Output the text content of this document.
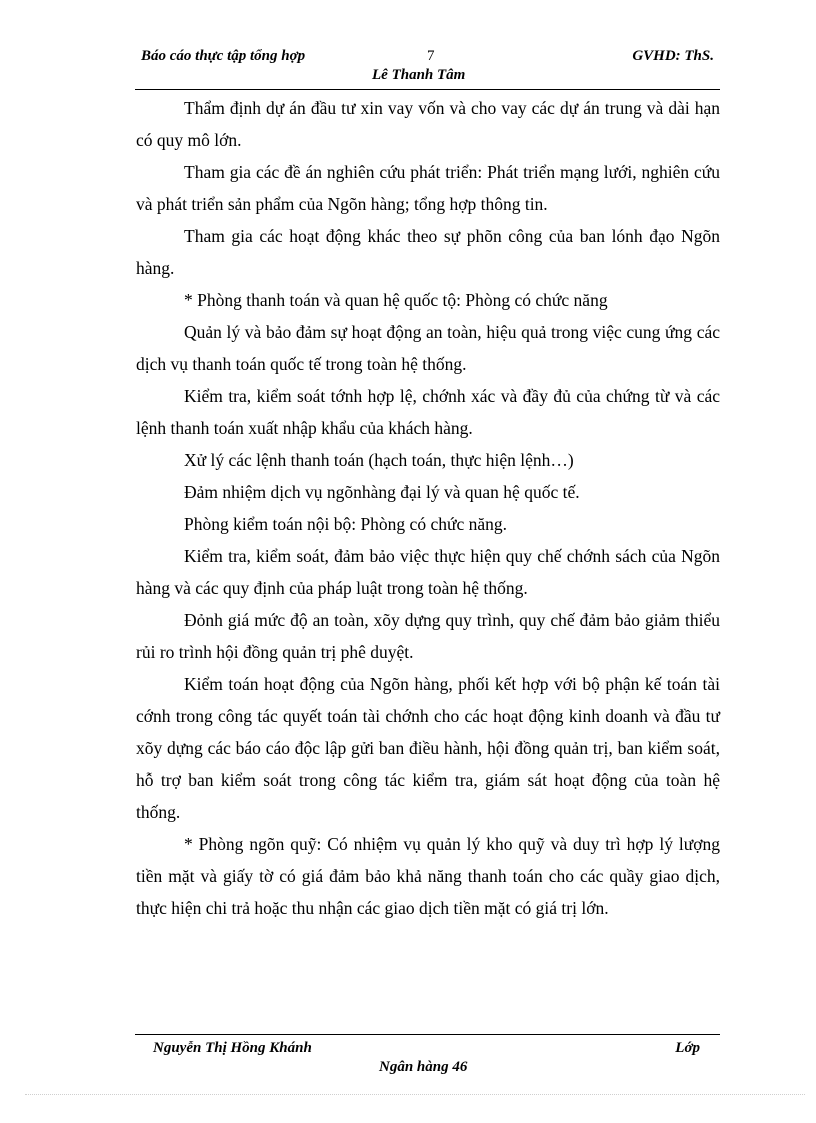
Báo cáo thực tập tổng hợp	7	GVHD: ThS.
Lê Thanh Tâm

Thẩm định dự án đầu tư xin vay vốn và cho vay các dự án trung và dài hạn có quy mô lớn.

Tham gia các đề án nghiên cứu phát triển: Phát triển mạng lưới, nghiên cứu và phát triển sản phẩm của Ngõn hàng; tổng hợp thông tin.

Tham gia các hoạt động khác theo sự phõn công của ban lónh đạo Ngõn hàng.

* Phòng thanh toán và quan hệ quốc tộ: Phòng có chức năng

Quản lý và bảo đảm sự hoạt động an toàn, hiệu quả trong việc cung ứng các dịch vụ thanh toán quốc tế trong toàn hệ thống.

Kiểm tra, kiểm soát tớnh hợp lệ, chớnh xác và đầy đủ của chứng từ và các lệnh thanh toán xuất nhập khẩu của khách hàng.

Xử lý các lệnh thanh toán (hạch toán, thực hiện lệnh…)

Đảm nhiệm dịch vụ ngõnhàng đại lý và quan hệ quốc tế.

Phòng kiểm toán nội bộ: Phòng có chức năng.

Kiểm tra, kiểm soát, đảm bảo việc thực hiện quy chế chớnh sách của Ngõn hàng và các quy định của pháp luật trong toàn hệ thống.

Đỏnh giá mức độ an toàn, xõy dựng quy trình, quy chế đảm bảo giảm thiểu rủi ro trình hội đồng quản trị phê duyệt.

Kiểm toán hoạt động của Ngõn hàng, phối kết hợp với bộ phận kế toán tài cớnh trong công tác quyết toán tài chớnh cho các hoạt động kinh doanh và đầu tư xõy dựng các báo cáo độc lập gửi ban điều hành, hội đồng quản trị, ban kiểm soát, hỗ trợ ban kiểm soát trong công tác kiểm tra, giám sát hoạt động của toàn hệ thống.

* Phòng ngõn quỹ: Có nhiệm vụ quản lý kho quỹ và duy trì hợp lý lượng tiền mặt và giấy tờ có giá đảm bảo khả năng thanh toán cho các quầy giao dịch, thực hiện chi trả hoặc thu nhận các giao dịch tiền mặt có giá trị lớn.

Nguyễn Thị Hồng Khánh	Lớp
Ngân hàng 46
